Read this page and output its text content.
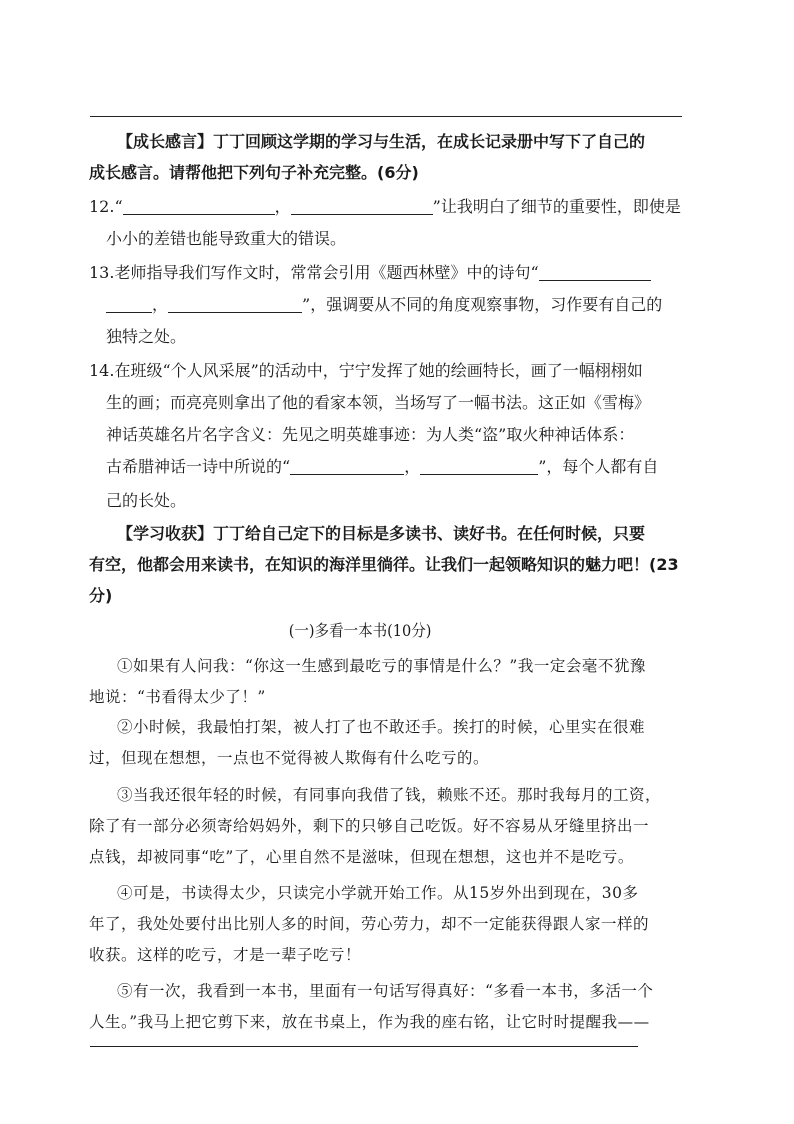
【成长感言】丁丁回顾这学期的学习与生活，在成长记录册中写下了自己的
成长感言。请帮他把下列句子补充完整。(6分)
12.“	，	”让我明白了细节的重要性，即使是
小小的差错也能导致重大的错误。
13.老师指导我们写作文时，常常会引用《题西林壁》中的诗句“
，	”，强调要从不同的角度观察事物，习作要有自己的
独特之处。
14.在班级“个人风采展”的活动中，宁宁发挥了她的绘画特长，画了一幅栩栩如
生的画；而亮亮则拿出了他的看家本领，当场写了一幅书法。这正如《雪梅》
神话英雄名片名字含义：先见之明英雄事迹：为人类“盗”取火种神话体系：
古希腊神话一诗中所说的“	，	”，每个人都有自
己的长处。
【学习收获】丁丁给自己定下的目标是多读书、读好书。在任何时候，只要
有空，他都会用来读书，在知识的海洋里徜徉。让我们一起领略知识的魅力吧！(23
分)
(一)多看一本书(10分)
①如果有人问我：“你这一生感到最吃亏的事情是什么？”我一定会毫不犹豫
地说：“书看得太少了！”
②小时候，我最怕打架，被人打了也不敢还手。挨打的时候，心里实在很难
过，但现在想想，一点也不觉得被人欺侮有什么吃亏的。
③当我还很年轻的时候，有同事向我借了钱，赖账不还。那时我每月的工资，
除了有一部分必须寄给妈妈外，剩下的只够自己吃饭。好不容易从牙缝里挤出一
点钱，却被同事“吃”了，心里自然不是滋味，但现在想想，这也并不是吃亏。
④可是，书读得太少，只读完小学就开始工作。从15岁外出到现在，30多
年了，我处处要付出比别人多的时间，劳心劳力，却不一定能获得跟人家一样的
收获。这样的吃亏，才是一辈子吃亏！
⑤有一次，我看到一本书，里面有一句话写得真好：“多看一本书，多活一个
人生。”我马上把它剪下来，放在书桌上，作为我的座右铭，让它时时提醒我——
